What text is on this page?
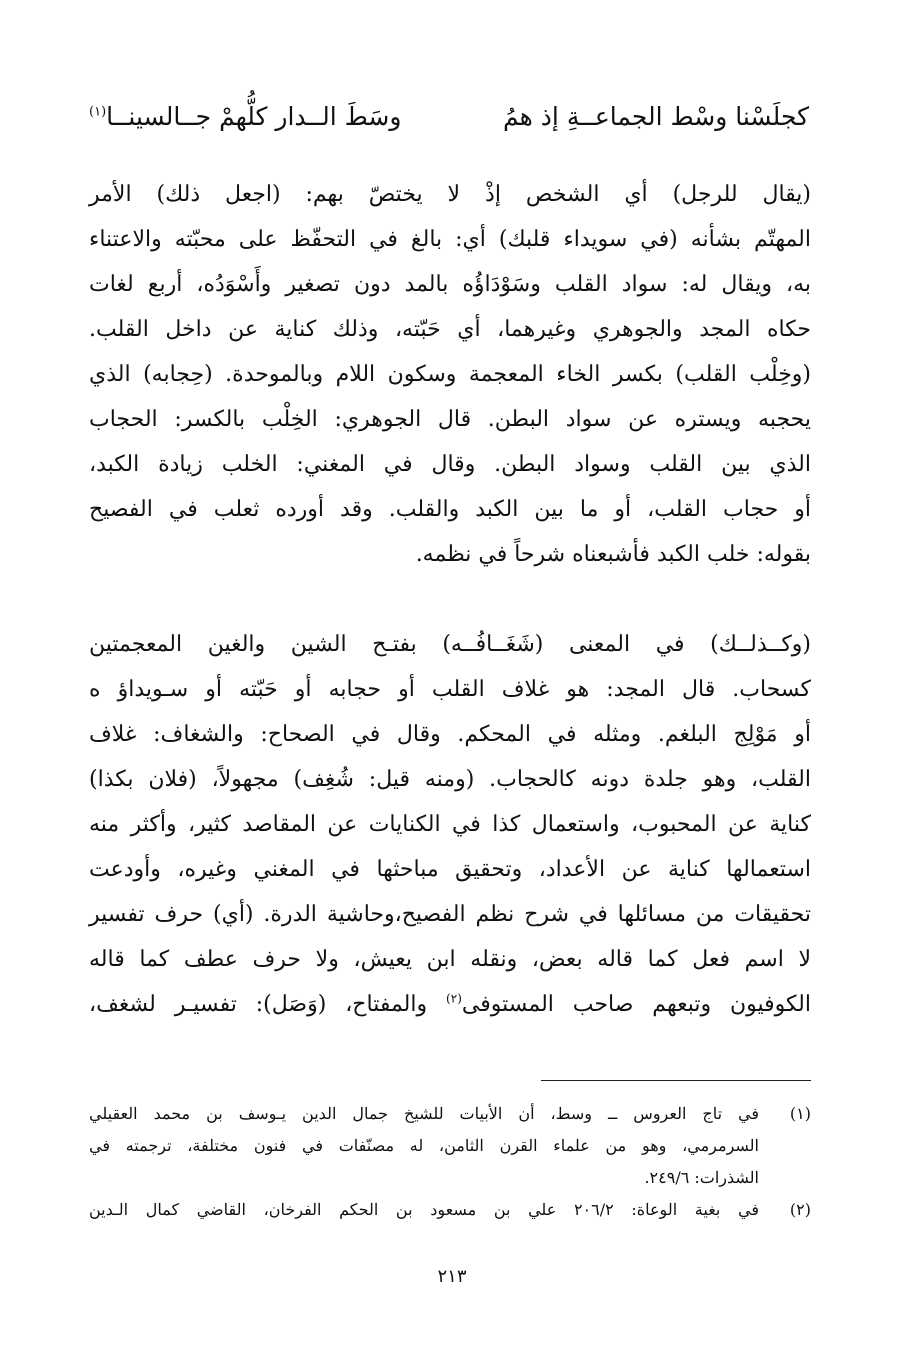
كجلَسْنا وسْط الجماعــةِ إذ همُ
وسَطَ الــدار كلُّهمْ جــالسينــا$^{(١)}$
(يقال للرجل) أي الشخص إذْ لا يختصّ بهم: (اجعل ذلك) الأمر
المهتّم بشأنه (في سويداء قلبك) أي: بالغ في التحفّظ على محبّته والاعتناء
به، ويقال له: سواد القلب وسَوْدَاؤُه بالمد دون تصغير وأَسْوَدُه، أربع لغات
حكاه المجد والجوهري وغيرهما، أي حَبّته، وذلك كناية عن داخل القلب.
(وخِلْب القلب) بكسر الخاء المعجمة وسكون اللام وبالموحدة. (حِجابه) الذي
يحجبه ويستره عن سواد البطن. قال الجوهري: الخِلْب بالكسر: الحجاب
الذي بين القلب وسواد البطن. وقال في المغني: الخلب زيادة الكبد،
أو حجاب القلب، أو ما بين الكبد والقلب. وقد أورده ثعلب في الفصيح
بقوله: خلب الكبد فأشبعناه شرحاً في نظمه.
(وكــذلــك) في المعنى (شَغَــافُــه) بفتـح الشين والغين المعجمتين
كسحاب. قال المجد: هو غلاف القلب أو حجابه أو حَبّته أو سـويداؤ ه
أو مَوْلِج البلغم. ومثله في المحكم. وقال في الصحاح: والشغاف: غلاف
القلب، وهو جلدة دونه كالحجاب. (ومنه قيل: شُغِف) مجهولاً، (فلان بكذا)
كناية عن المحبوب، واستعمال كذا في الكنايات عن المقاصد كثير، وأكثر منه
استعمالها كناية عن الأعداد، وتحقيق مباحثها في المغني وغيره، وأودعت
تحقيقات من مسائلها في شرح نظم الفصيح،وحاشية الدرة. (أي) حرف تفسير
لا اسم فعل كما قاله بعض، ونقله ابن يعيش، ولا حرف عطف كما قاله
الكوفيون وتبعهم صاحب المستوفى$^{(٢)}$ والمفتاح، (وَصَل): تفسيـر لشغف،
(١)
في تاج العروس ــ وسط، أن الأبيات للشيخ جمال الدين يـوسف بن محمد العقيلي
السرمرمي، وهو من علماء القرن الثامن، له مصنّفات في فنون مختلفة، ترجمته في
الشذرات: ٢٤٩/٦.
(٢)
في بغية الوعاة: ٢٠٦/٢ علي بن مسعود بن الحكم الفرخان، القاضي كمال الـدين
٢١٣
